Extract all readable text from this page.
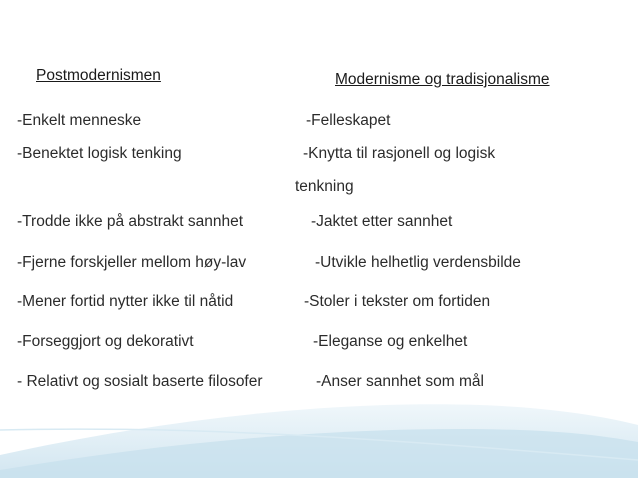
Postmodernismen	Modernisme og tradisjonalisme
-Enkelt menneske	-Felleskapet
-Benektet logisk tenking	-Knytta til rasjonell og logisk
tenkning
-Trodde ikke på abstrakt sannhet	-Jaktet etter sannhet
-Fjerne forskjeller mellom høy-lav	-Utvikle helhetlig verdensbilde
-Mener fortid nytter ikke til nåtid	-Stoler i tekster om fortiden
-Forseggjort og dekorativt	-Eleganse og enkelhet
- Relativt og sosialt baserte filosofer	-Anser sannhet som mål
